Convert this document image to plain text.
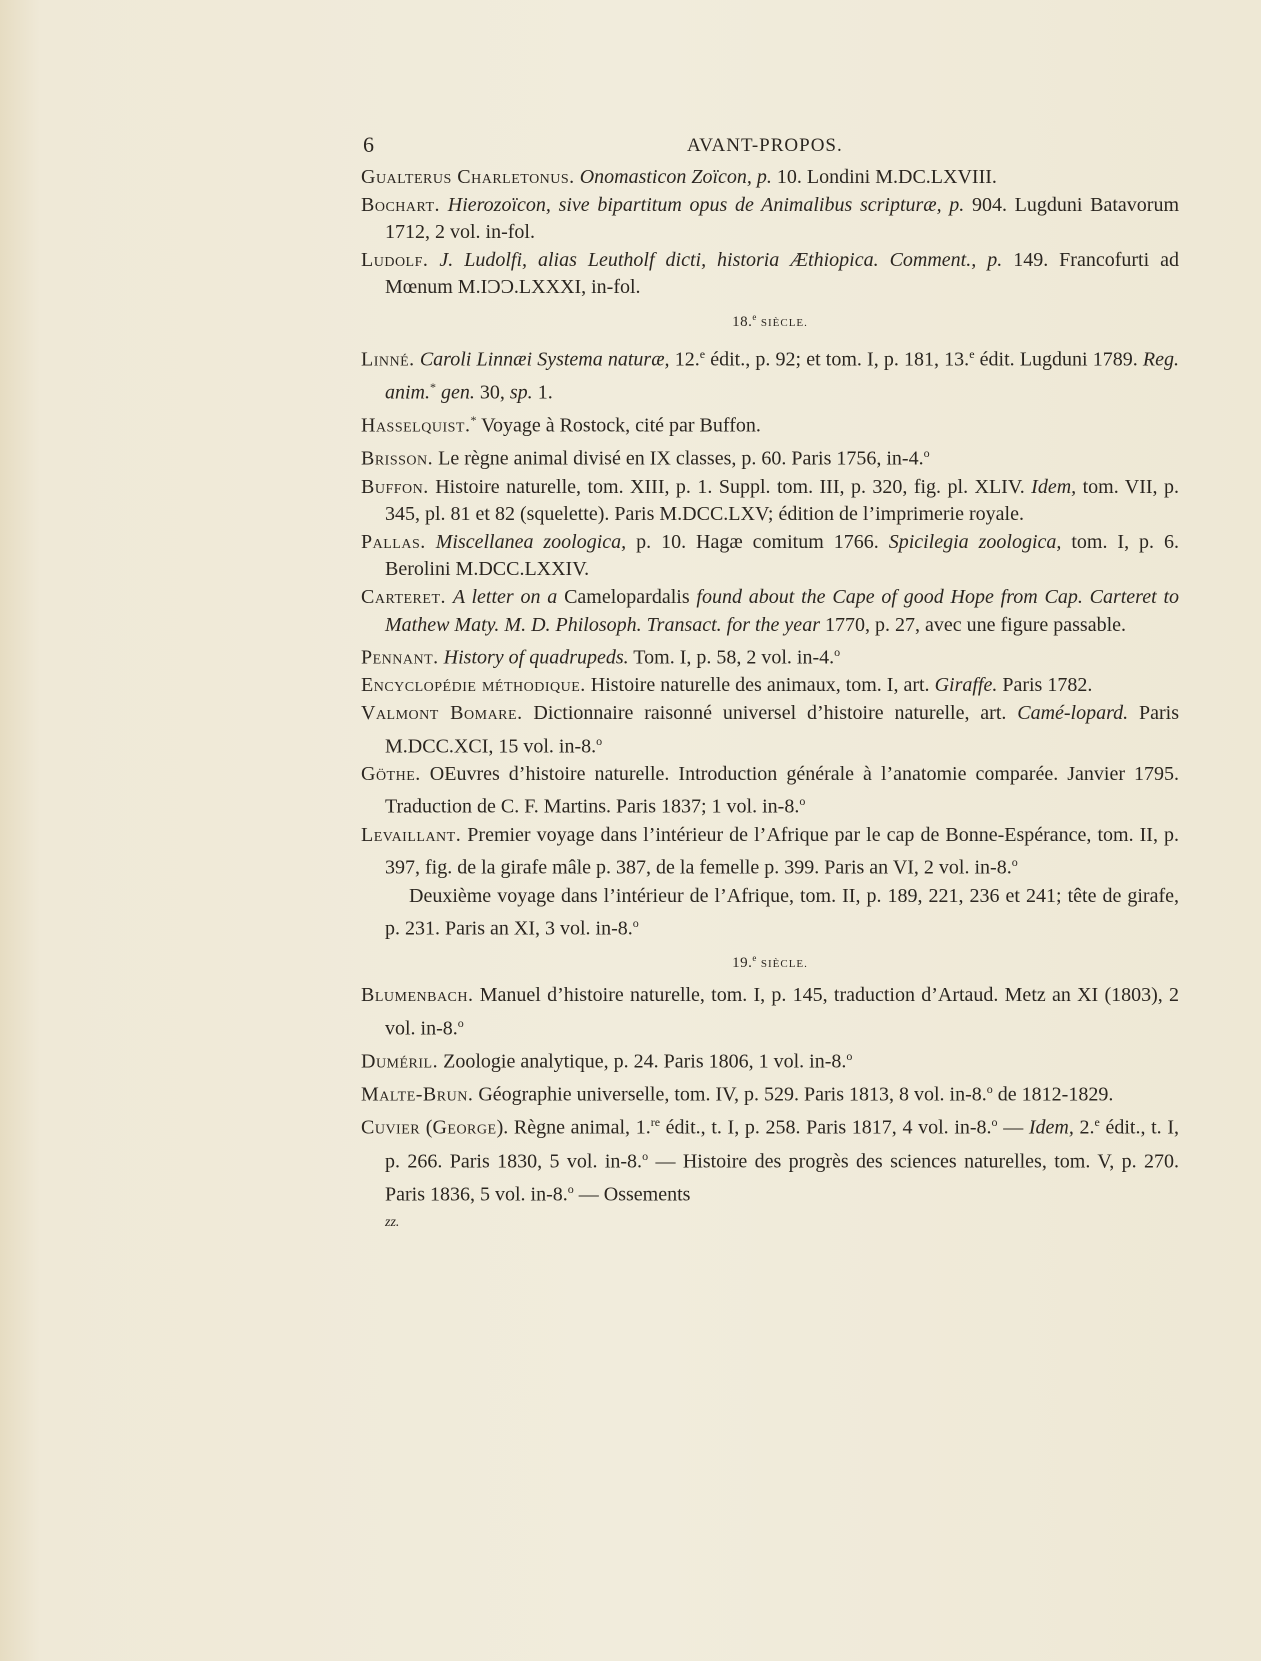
6	AVANT-PROPOS.
Gualterus Charletonus. Onomasticon Zoïcon, p. 10. Londini M.DC.LXVIII.
Bochart. Hierozoïcon, sive bipartitum opus de Animalibus scripturæ, p. 904. Lugduni Batavorum 1712, 2 vol. in-fol.
Ludolf. J. Ludolfi, alias Leutholf dicti, historia Æthiopica. Comment., p. 149. Francofurti ad Mœnum M.IƆƆ.LXXXI, in-fol.
18.$^e$ SIÈCLE.
Linné. Caroli Linnæi Systema naturæ, 12.$^e$ édit., p. 92; et tom. I, p. 181, 13.$^e$ édit. Lugduni 1789. Reg. anim.* gen. 30, sp. 1.
Hasselquist.* Voyage à Rostock, cité par Buffon.
Brisson. Le règne animal divisé en IX classes, p. 60. Paris 1756, in-4.$^o$
Buffon. Histoire naturelle, tom. XIII, p. 1. Suppl. tom. III, p. 320, fig. pl. XLIV. Idem, tom. VII, p. 345, pl. 81 et 82 (squelette). Paris M.DCC.LXV; édition de l’imprimerie royale.
Pallas. Miscellanea zoologica, p. 10. Hagæ comitum 1766. Spicilegia zoologica, tom. I, p. 6. Berolini M.DCC.LXXIV.
Carteret. A letter on a Camelopardalis found about the Cape of good Hope from Cap. Carteret to Mathew Maty. M. D. Philosoph. Transact. for the year 1770, p. 27, avec une figure passable.
Pennant. History of quadrupeds. Tom. I, p. 58, 2 vol. in-4.$^o$
Encyclopédie méthodique. Histoire naturelle des animaux, tom. I, art. Giraffe. Paris 1782.
Valmont Bomare. Dictionnaire raisonné universel d’histoire naturelle, art. Camé-lopard. Paris M.DCC.XCI, 15 vol. in-8.$^o$
Göthe. OEuvres d’histoire naturelle. Introduction générale à l’anatomie comparée. Janvier 1795. Traduction de C. F. Martins. Paris 1837; 1 vol. in-8.$^o$
Levaillant. Premier voyage dans l’intérieur de l’Afrique par le cap de Bonne-Espérance, tom. II, p. 397, fig. de la girafe mâle p. 387, de la femelle p. 399. Paris an VI, 2 vol. in-8.$^o$
Deuxième voyage dans l’intérieur de l’Afrique, tom. II, p. 189, 221, 236 et 241; tête de girafe, p. 231. Paris an XI, 3 vol. in-8.$^o$
19.$^e$ SIÈCLE.
Blumenbach. Manuel d’histoire naturelle, tom. I, p. 145, traduction d’Artaud. Metz an XI (1803), 2 vol. in-8.$^o$
Duméril. Zoologie analytique, p. 24. Paris 1806, 1 vol. in-8.$^o$
Malte-Brun. Géographie universelle, tom. IV, p. 529. Paris 1813, 8 vol. in-8.$^o$ de 1812-1829.
Cuvier (George). Règne animal, 1.$^{re}$ édit., t. I, p. 258. Paris 1817, 4 vol. in-8.$^o$ — Idem, 2.$^e$ édit., t. I, p. 266. Paris 1830, 5 vol. in-8.$^o$ — Histoire des progrès des sciences naturelles, tom. V, p. 270. Paris 1836, 5 vol. in-8.$^o$ — Ossements
zz.
